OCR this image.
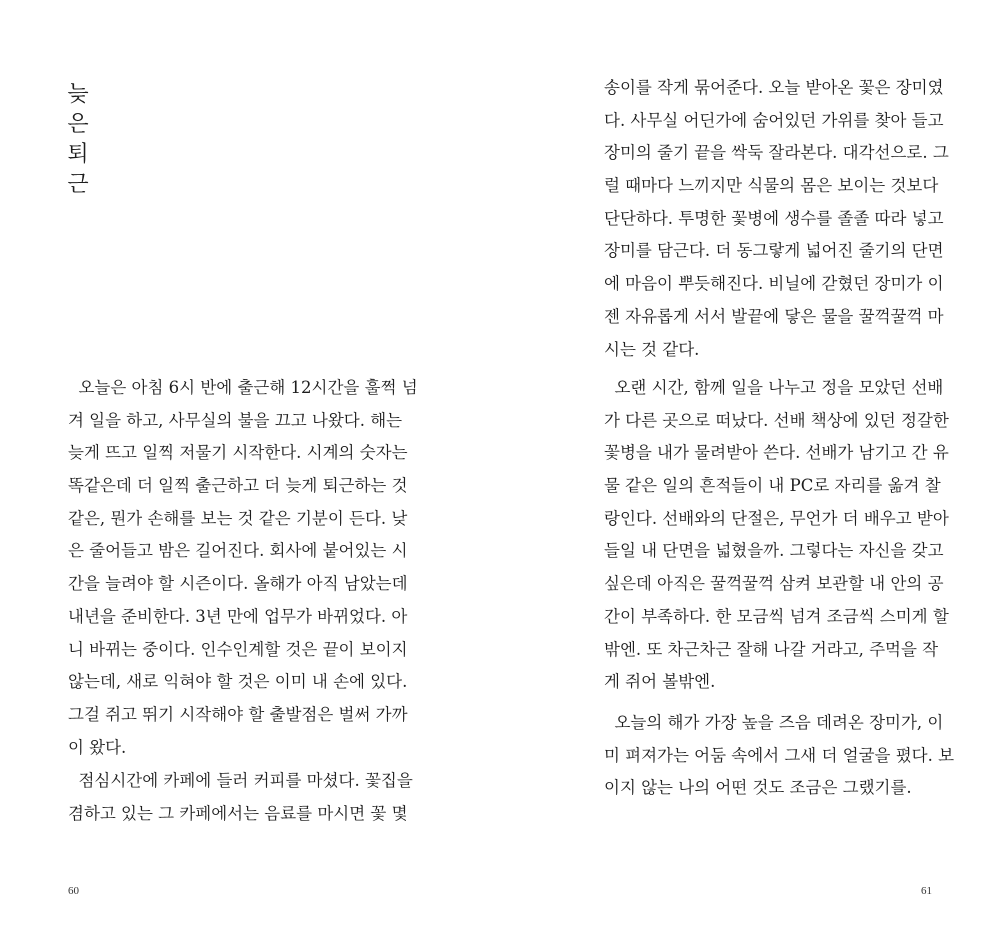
늦
은
퇴
근
오늘은 아침 6시 반에 출근해 12시간을 훌쩍 넘
겨 일을 하고, 사무실의 불을 끄고 나왔다. 해는
늦게 뜨고 일찍 저물기 시작한다. 시계의 숫자는
똑같은데 더 일찍 출근하고 더 늦게 퇴근하는 것
같은, 뭔가 손해를 보는 것 같은 기분이 든다. 낮
은 줄어들고 밤은 길어진다. 회사에 붙어있는 시
간을 늘려야 할 시즌이다. 올해가 아직 남았는데
내년을 준비한다. 3년 만에 업무가 바뀌었다. 아
니 바뀌는 중이다. 인수인계할 것은 끝이 보이지
않는데, 새로 익혀야 할 것은 이미 내 손에 있다.
그걸 쥐고 뛰기 시작해야 할 출발점은 벌써 가까
이 왔다.
점심시간에 카페에 들러 커피를 마셨다. 꽃집을
겸하고 있는 그 카페에서는 음료를 마시면 꽃 몇
60
송이를 작게 묶어준다. 오늘 받아온 꽃은 장미였
다. 사무실 어딘가에 숨어있던 가위를 찾아 들고
장미의 줄기 끝을 싹둑 잘라본다. 대각선으로. 그
럴 때마다 느끼지만 식물의 몸은 보이는 것보다
단단하다. 투명한 꽃병에 생수를 졸졸 따라 넣고
장미를 담근다. 더 동그랗게 넓어진 줄기의 단면
에 마음이 뿌듯해진다. 비닐에 갇혔던 장미가 이
젠 자유롭게 서서 발끝에 닿은 물을 꿀꺽꿀꺽 마
시는 것 같다.
오랜 시간, 함께 일을 나누고 정을 모았던 선배
가 다른 곳으로 떠났다. 선배 책상에 있던 정갈한
꽃병을 내가 물려받아 쓴다. 선배가 남기고 간 유
물 같은 일의 흔적들이 내 PC로 자리를 옮겨 찰
랑인다. 선배와의 단절은, 무언가 더 배우고 받아
들일 내 단면을 넓혔을까. 그렇다는 자신을 갖고
싶은데 아직은 꿀꺽꿀꺽 삼켜 보관할 내 안의 공
간이 부족하다. 한 모금씩 넘겨 조금씩 스미게 할
밖엔. 또 차근차근 잘해 나갈 거라고, 주먹을 작
게 쥐어 볼밖엔.
오늘의 해가 가장 높을 즈음 데려온 장미가, 이
미 펴져가는 어둠 속에서 그새 더 얼굴을 폈다. 보
이지 않는 나의 어떤 것도 조금은 그랬기를.
61
